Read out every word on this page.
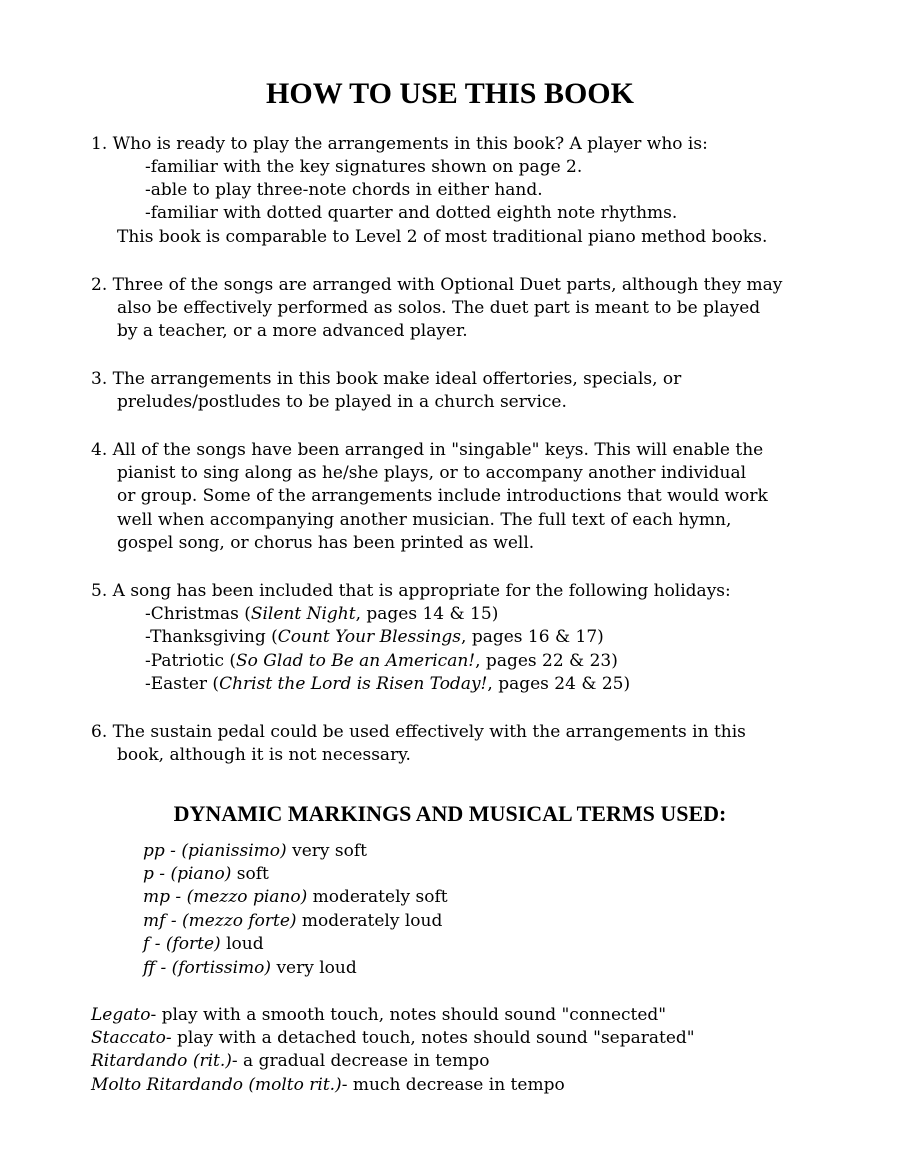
HOW TO USE THIS BOOK
1. Who is ready to play the arrangements in this book? A player who is:
-familiar with the key signatures shown on page 2.
-able to play three-note chords in either hand.
-familiar with dotted quarter and dotted eighth note rhythms.
This book is comparable to Level 2 of most traditional piano method books.
2. Three of the songs are arranged with Optional Duet parts, although they may
also be effectively performed as solos. The duet part is meant to be played
by a teacher, or a more advanced player.
3. The arrangements in this book make ideal offertories, specials, or
preludes/postludes to be played in a church service.
4. All of the songs have been arranged in "singable" keys. This will enable the
pianist to sing along as he/she plays, or to accompany another individual
or group. Some of the arrangements include introductions that would work
well when accompanying another musician. The full text of each hymn,
gospel song, or chorus has been printed as well.
5. A song has been included that is appropriate for the following holidays:
-Christmas (Silent Night, pages 14 & 15)
-Thanksgiving (Count Your Blessings, pages 16 & 17)
-Patriotic (So Glad to Be an American!, pages 22 & 23)
-Easter (Christ the Lord is Risen Today!, pages 24 & 25)
6. The sustain pedal could be used effectively with the arrangements in this
book, although it is not necessary.
DYNAMIC MARKINGS AND MUSICAL TERMS USED:
pp - (pianissimo) very soft
p - (piano) soft
mp - (mezzo piano) moderately soft
mf - (mezzo forte) moderately loud
f - (forte) loud
ff - (fortissimo) very loud
Legato- play with a smooth touch, notes should sound "connected"
Staccato- play with a detached touch, notes should sound "separated"
Ritardando (rit.)- a gradual decrease in tempo
Molto Ritardando (molto rit.)- much decrease in tempo
